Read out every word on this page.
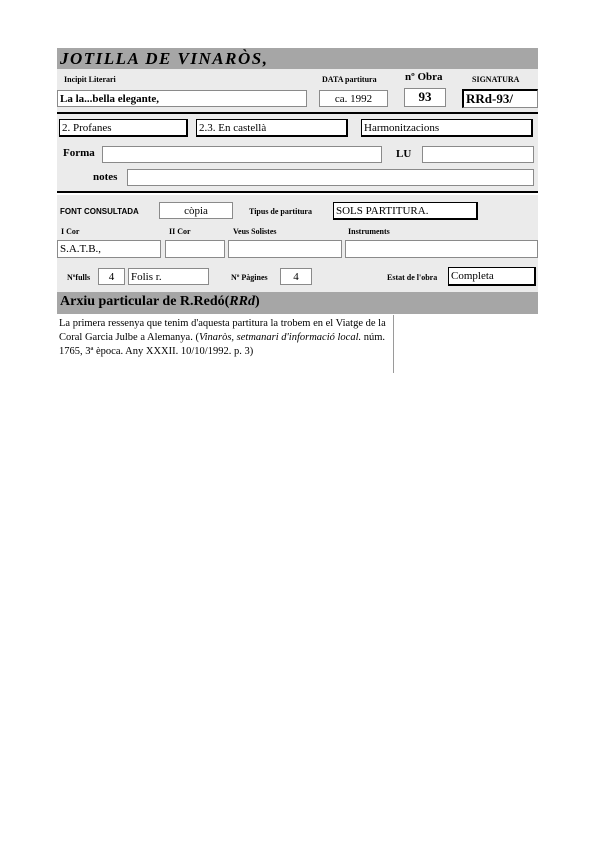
JOTILLA DE VINARÒS,
Incipit Literari	DATA partitura	nº Obra	SIGNATURA
La la...bella elegante,	ca. 1992	93	RRd-93/
2. Profanes	2.3. En castellà	Harmonitzacions
Forma	LU
notes
FONT CONSULTADA	còpia	Tipus de partitura SOLS PARTITURA.
I Cor	II Cor	Veus Solistes	Instruments
S.A.T.B.,
Nºfulls	4	Folis r.	Nº Pàgines	4	Estat de l'obra Completa
Arxiu particular de R.Redó(RRd)
La primera ressenya que tenim d'aquesta partitura la trobem en el Viatge de la Coral Garcia Julbe a Alemanya. (Vinaròs, setmanari d'informació local. núm. 1765, 3ª època. Any XXXII. 10/10/1992. p. 3)
